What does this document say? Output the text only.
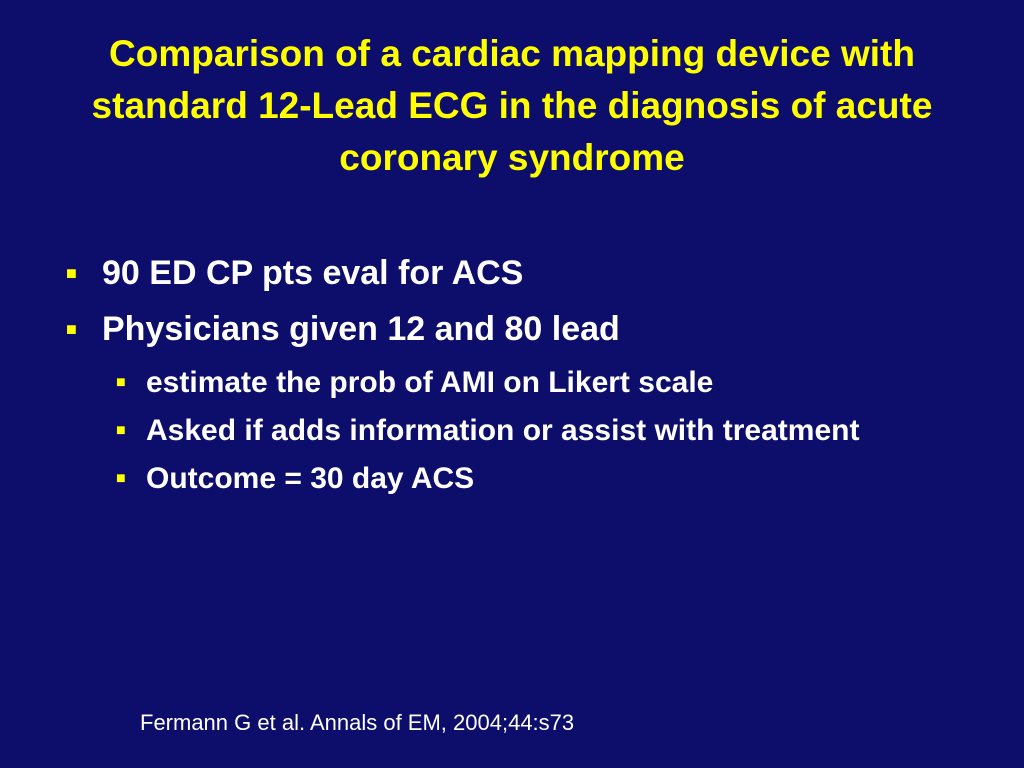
Comparison of a cardiac mapping device with standard 12-Lead ECG in the diagnosis of acute coronary syndrome
■ 90 ED CP pts eval for ACS
■ Physicians given 12 and 80 lead
■ estimate the prob of AMI on Likert scale
■ Asked if adds information or assist with treatment
■ Outcome = 30 day ACS
Fermann G et al. Annals of EM, 2004;44:s73
